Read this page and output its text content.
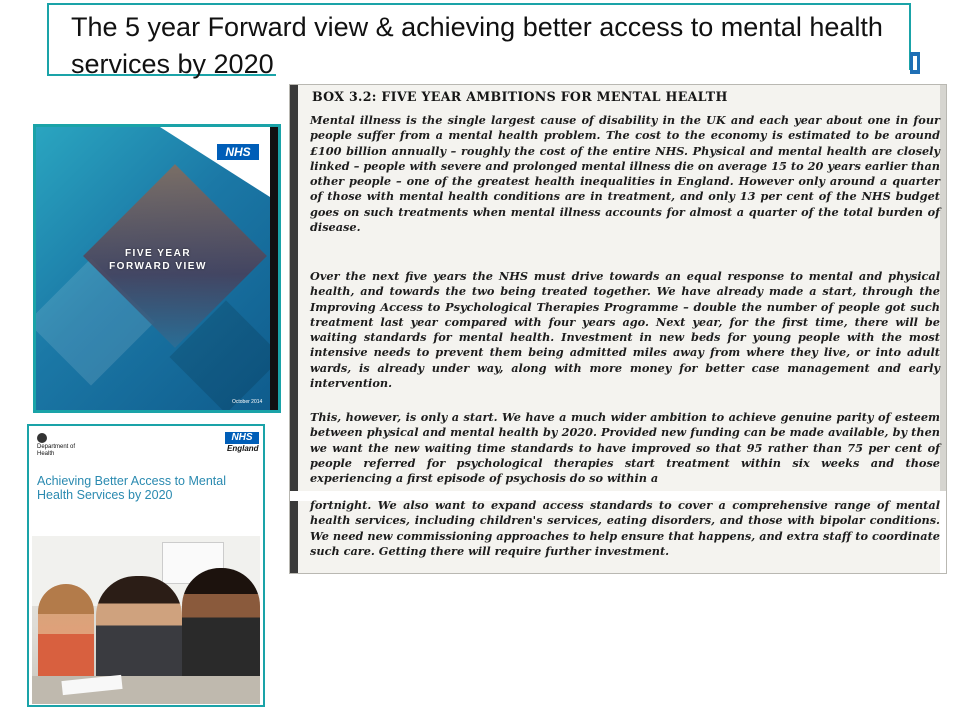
The 5 year Forward view & achieving better access to mental health services by 2020
NHS
FIVE YEAR FORWARD VIEW
October 2014
Department of Health
NHS
England
Achieving Better Access to Mental Health Services by 2020
BOX 3.2: FIVE YEAR AMBITIONS FOR MENTAL HEALTH

Mental illness is the single largest cause of disability in the UK and each year about one in four people suffer from a mental health problem. The cost to the economy is estimated to be around £100 billion annually – roughly the cost of the entire NHS. Physical and mental health are closely linked – people with severe and prolonged mental illness die on average 15 to 20 years earlier than other people – one of the greatest health inequalities in England. However only around a quarter of those with mental health conditions are in treatment, and only 13 per cent of the NHS budget goes on such treatments when mental illness accounts for almost a quarter of the total burden of disease.

Over the next five years the NHS must drive towards an equal response to mental and physical health, and towards the two being treated together. We have already made a start, through the Improving Access to Psychological Therapies Programme – double the number of people got such treatment last year compared with four years ago. Next year, for the first time, there will be waiting standards for mental health. Investment in new beds for young people with the most intensive needs to prevent them being admitted miles away from where they live, or into adult wards, is already under way, along with more money for better case management and early intervention.

This, however, is only a start. We have a much wider ambition to achieve genuine parity of esteem between physical and mental health by 2020. Provided new funding can be made available, by then we want the new waiting time standards to have improved so that 95 rather than 75 per cent of people referred for psychological therapies start treatment within six weeks and those experiencing a first episode of psychosis do so within a

fortnight. We also want to expand access standards to cover a comprehensive range of mental health services, including children's services, eating disorders, and those with bipolar conditions. We need new commissioning approaches to help ensure that happens, and extra staff to coordinate such care. Getting there will require further investment.
